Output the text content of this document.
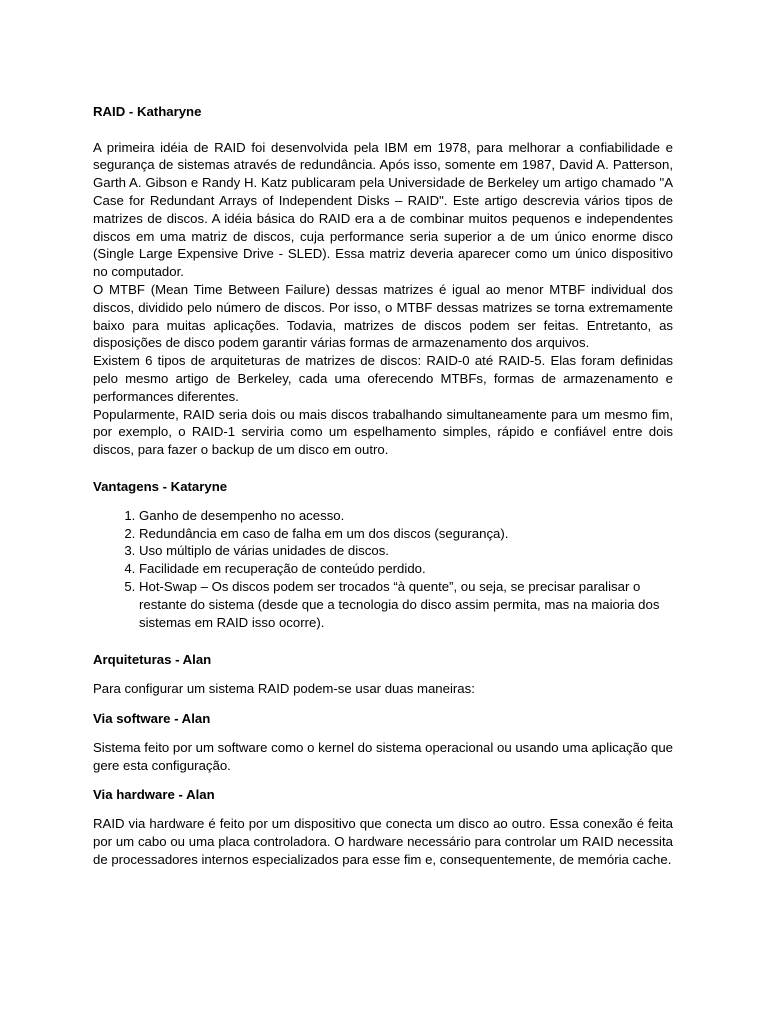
RAID - Katharyne

A primeira idéia de RAID foi desenvolvida pela IBM em 1978, para melhorar a confiabilidade e segurança de sistemas através de redundância. Após isso, somente em 1987, David A. Patterson, Garth A. Gibson e Randy H. Katz publicaram pela Universidade de Berkeley um artigo chamado "A Case for Redundant Arrays of Independent Disks – RAID". Este artigo descrevia vários tipos de matrizes de discos. A idéia básica do RAID era a de combinar muitos pequenos e independentes discos em uma matriz de discos, cuja performance seria superior a de um único enorme disco (Single Large Expensive Drive - SLED). Essa matriz deveria aparecer como um único dispositivo no computador.

O MTBF (Mean Time Between Failure) dessas matrizes é igual ao menor MTBF individual dos discos, dividido pelo número de discos. Por isso, o MTBF dessas matrizes se torna extremamente baixo para muitas aplicações. Todavia, matrizes de discos podem ser feitas. Entretanto, as disposições de disco podem garantir várias formas de armazenamento dos arquivos.

Existem 6 tipos de arquiteturas de matrizes de discos: RAID-0 até RAID-5. Elas foram definidas pelo mesmo artigo de Berkeley, cada uma oferecendo MTBFs, formas de armazenamento e performances diferentes.

Popularmente, RAID seria dois ou mais discos trabalhando simultaneamente para um mesmo fim, por exemplo, o RAID-1 serviria como um espelhamento simples, rápido e confiável entre dois discos, para fazer o backup de um disco em outro.

Vantagens - Kataryne
1. Ganho de desempenho no acesso.
2. Redundância em caso de falha em um dos discos (segurança).
3. Uso múltiplo de várias unidades de discos.
4. Facilidade em recuperação de conteúdo perdido.
5. Hot-Swap – Os discos podem ser trocados “à quente”, ou seja, se precisar paralisar o restante do sistema (desde que a tecnologia do disco assim permita, mas na maioria dos sistemas em RAID isso ocorre).
Arquiteturas - Alan

Para configurar um sistema RAID podem-se usar duas maneiras:

Via software - Alan

Sistema feito por um software como o kernel do sistema operacional ou usando uma aplicação que gere esta configuração.

Via hardware - Alan

RAID via hardware é feito por um dispositivo que conecta um disco ao outro. Essa conexão é feita por um cabo ou uma placa controladora. O hardware necessário para controlar um RAID necessita de processadores internos especializados para esse fim e, consequentemente, de memória cache.
